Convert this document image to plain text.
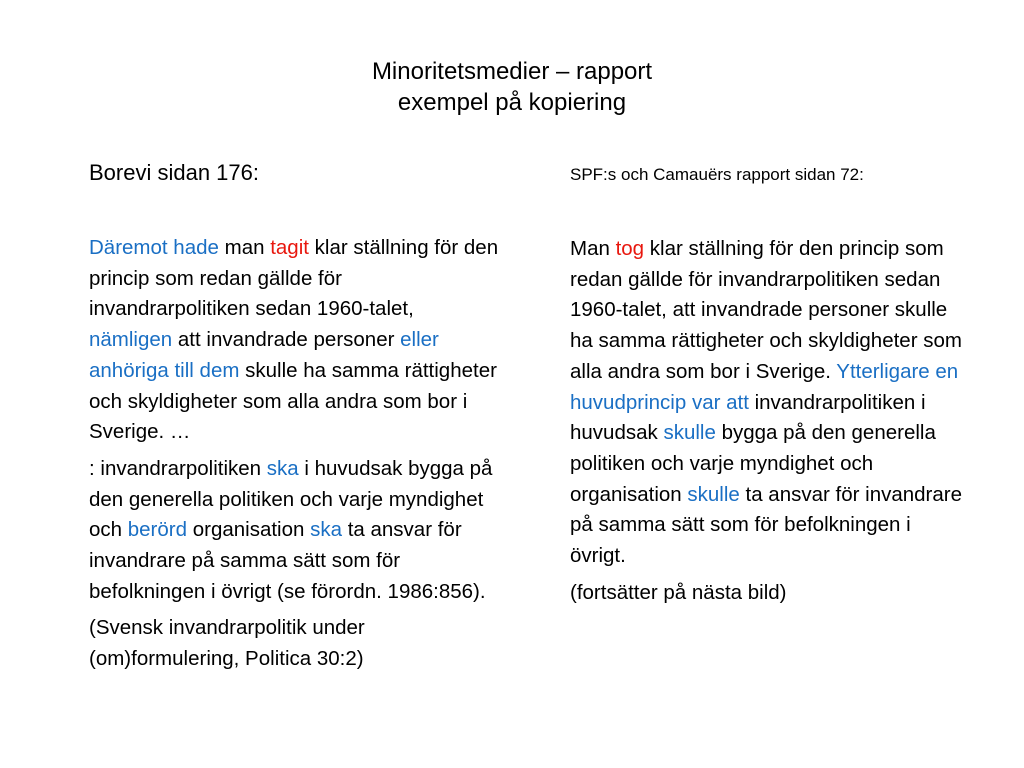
Minoritetsmedier – rapport
exempel på kopiering

Borevi sidan 176:

Däremot hade man tagit klar ställning för den princip som redan gällde för invandrarpolitiken sedan 1960-talet, nämligen att invandrade personer eller anhöriga till dem skulle ha samma rättigheter och skyldigheter som alla andra som bor i Sverige. …

: invandrarpolitiken ska i huvudsak bygga på den generella politiken och varje myndighet och berörd organisation ska ta ansvar för invandrare på samma sätt som för befolkningen i övrigt (se förordn. 1986:856).

(Svensk invandrarpolitik under (om)formulering, Politica 30:2)

SPF:s och Camauërs rapport sidan 72:

Man tog klar ställning för den princip som redan gällde för invandrarpolitiken sedan 1960-talet, att invandrade personer skulle ha samma rättigheter och skyldigheter som alla andra som bor i Sverige. Ytterligare en huvudprincip var att invandrarpolitiken i huvudsak skulle bygga på den generella politiken och varje myndighet och organisation skulle ta ansvar för invandrare på samma sätt som för befolkningen i övrigt.

(fortsätter på nästa bild)
